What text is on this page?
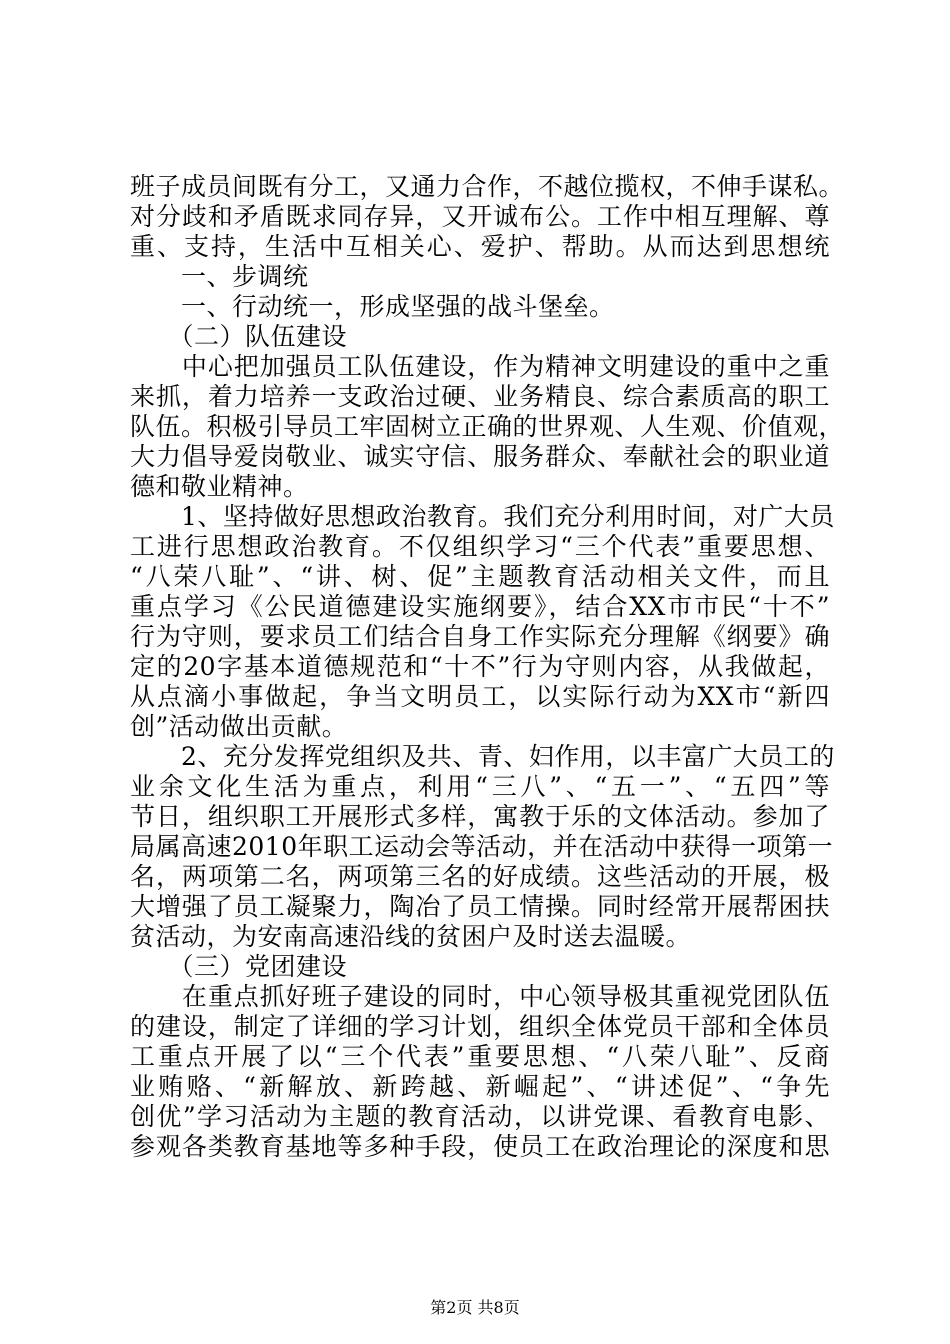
班子成员间既有分工，又通力合作，不越位揽权，不伸手谋私。

对分歧和矛盾既求同存异，又开诚布公。工作中相互理解、尊

重、支持，生活中互相关心、爱护、帮助。从而达到思想统

　　一、步调统

　　一、行动统一，形成坚强的战斗堡垒。

　　（二）队伍建设

　　中心把加强员工队伍建设，作为精神文明建设的重中之重

来抓，着力培养一支政治过硬、业务精良、综合素质高的职工

队伍。积极引导员工牢固树立正确的世界观、人生观、价值观，

大力倡导爱岗敬业、诚实守信、服务群众、奉献社会的职业道

德和敬业精神。

　　1、坚持做好思想政治教育。我们充分利用时间，对广大员

工进行思想政治教育。不仅组织学习“三个代表”重要思想、

“八荣八耻”、“讲、树、促”主题教育活动相关文件，而且

重点学习《公民道德建设实施纲要》，结合XX市市民“十不”

行为守则，要求员工们结合自身工作实际充分理解《纲要》确

定的20字基本道德规范和“十不”行为守则内容，从我做起，

从点滴小事做起，争当文明员工，以实际行动为XX市“新四

创”活动做出贡献。

　　2、充分发挥党组织及共、青、妇作用，以丰富广大员工的

业余文化生活为重点，利用“三八”、“五一”、“五四”等

节日，组织职工开展形式多样，寓教于乐的文体活动。参加了

局属高速2010年职工运动会等活动，并在活动中获得一项第一

名，两项第二名，两项第三名的好成绩。这些活动的开展，极

大增强了员工凝聚力，陶冶了员工情操。同时经常开展帮困扶

贫活动，为安南高速沿线的贫困户及时送去温暖。

　　（三）党团建设

　　在重点抓好班子建设的同时，中心领导极其重视党团队伍

的建设，制定了详细的学习计划，组织全体党员干部和全体员

工重点开展了以“三个代表”重要思想、“八荣八耻”、反商

业贿赂、“新解放、新跨越、新崛起”、“讲述促”、“争先

创优”学习活动为主题的教育活动，以讲党课、看教育电影、

参观各类教育基地等多种手段，使员工在政治理论的深度和思

第2页 共8页
